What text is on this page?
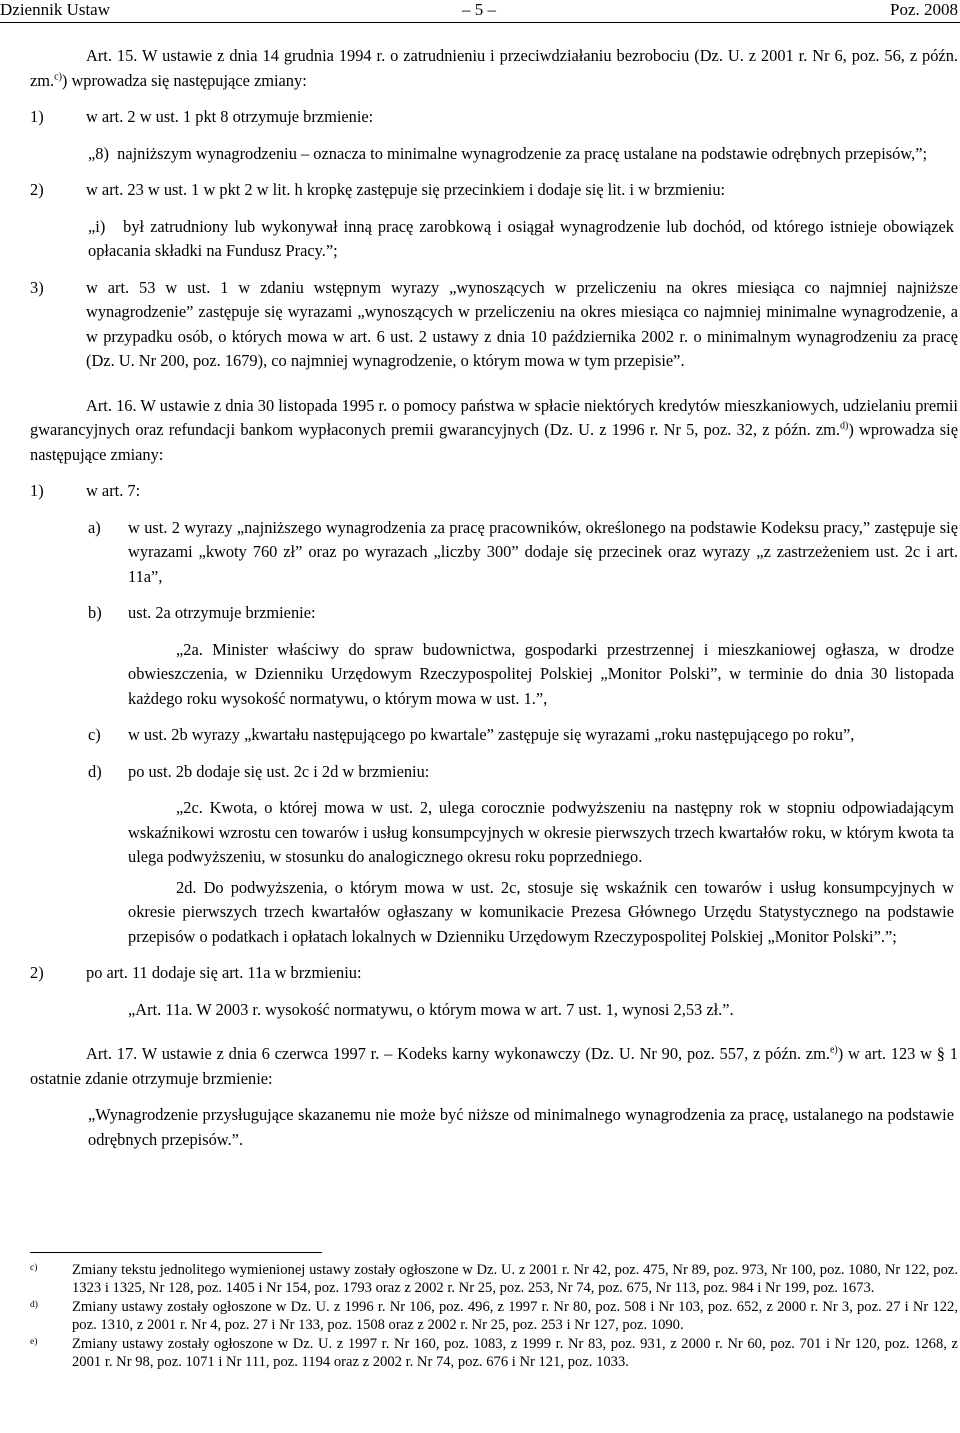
Dziennik Ustaw	– 5 –	Poz. 2008

Art. 15. W ustawie z dnia 14 grudnia 1994 r. o zatrudnieniu i przeciwdziałaniu bezrobociu (Dz. U. z 2001 r. Nr 6, poz. 56, z późn. zm.$^{c)}$) wprowadza się następujące zmiany:

1)	w art. 2 w ust. 1 pkt 8 otrzymuje brzmienie:

„8)  najniższym wynagrodzeniu – oznacza to minimalne wynagrodzenie za pracę ustalane na podstawie odrębnych przepisów,”;

2)	w art. 23 w ust. 1 w pkt 2 w lit. h kropkę zastępuje się przecinkiem i dodaje się lit. i w brzmieniu:

„i)   był zatrudniony lub wykonywał inną pracę zarobkową i osiągał wynagrodzenie lub dochód, od którego istnieje obowiązek opłacania składki na Fundusz Pracy.”;

3)	w art. 53 w ust. 1 w zdaniu wstępnym wyrazy „wynoszących w przeliczeniu na okres miesiąca co najmniej najniższe wynagrodzenie” zastępuje się wyrazami „wynoszących w przeliczeniu na okres miesiąca co najmniej minimalne wynagrodzenie, a w przypadku osób, o których mowa w art. 6 ust. 2 ustawy z dnia 10 października 2002 r. o minimalnym wynagrodzeniu za pracę (Dz. U. Nr 200, poz. 1679), co najmniej wynagrodzenie, o którym mowa w tym przepisie”.

Art. 16. W ustawie z dnia 30 listopada 1995 r. o pomocy państwa w spłacie niektórych kredytów mieszkaniowych, udzielaniu premii gwarancyjnych oraz refundacji bankom wypłaconych premii gwarancyjnych (Dz. U. z 1996 r. Nr 5, poz. 32, z późn. zm.$^{d)}$) wprowadza się następujące zmiany:

1)	w art. 7:
a)	w ust. 2 wyrazy „najniższego wynagrodzenia za pracę pracowników, określonego na podstawie Kodeksu pracy,” zastępuje się wyrazami „kwoty 760 zł” oraz po wyrazach „liczby 300” dodaje się przecinek oraz wyrazy „z zastrzeżeniem ust. 2c i art. 11a”,
b)	ust. 2a otrzymuje brzmienie:

„2a. Minister właściwy do spraw budownictwa, gospodarki przestrzennej i mieszkaniowej ogłasza, w drodze obwieszczenia, w Dzienniku Urzędowym Rzeczypospolitej Polskiej „Monitor Polski”, w terminie do dnia 30 listopada każdego roku wysokość normatywu, o którym mowa w ust. 1.”,

c)	w ust. 2b wyrazy „kwartału następującego po kwartale” zastępuje się wyrazami „roku następującego po roku”,
d)	po ust. 2b dodaje się ust. 2c i 2d w brzmieniu:

„2c. Kwota, o której mowa w ust. 2, ulega corocznie podwyższeniu na następny rok w stopniu odpowiadającym wskaźnikowi wzrostu cen towarów i usług konsumpcyjnych w okresie pierwszych trzech kwartałów roku, w którym kwota ta ulega podwyższeniu, w stosunku do analogicznego okresu roku poprzedniego.

2d. Do podwyższenia, o którym mowa w ust. 2c, stosuje się wskaźnik cen towarów i usług konsumpcyjnych w okresie pierwszych trzech kwartałów ogłaszany w komunikacie Prezesa Głównego Urzędu Statystycznego na podstawie przepisów o podatkach i opłatach lokalnych w Dzienniku Urzędowym Rzeczypospolitej Polskiej „Monitor Polski”.”;

2)	po art. 11 dodaje się art. 11a w brzmieniu:

„Art. 11a. W 2003 r. wysokość normatywu, o którym mowa w art. 7 ust. 1, wynosi 2,53 zł.”.

Art. 17. W ustawie z dnia 6 czerwca 1997 r. – Kodeks karny wykonawczy (Dz. U. Nr 90, poz. 557, z późn. zm.$^{e)}$) w art. 123 w § 1 ostatnie zdanie otrzymuje brzmienie:

„Wynagrodzenie przysługujące skazanemu nie może być niższe od minimalnego wynagrodzenia za pracę, ustalanego na podstawie odrębnych przepisów.”.

c)	Zmiany tekstu jednolitego wymienionej ustawy zostały ogłoszone w Dz. U. z 2001 r. Nr 42, poz. 475, Nr 89, poz. 973, Nr 100, poz. 1080, Nr 122, poz. 1323 i 1325, Nr 128, poz. 1405 i Nr 154, poz. 1793 oraz z 2002 r. Nr 25, poz. 253, Nr 74, poz. 675, Nr 113, poz. 984 i Nr 199, poz. 1673.
d)	Zmiany ustawy zostały ogłoszone w Dz. U. z 1996 r. Nr 106, poz. 496, z 1997 r. Nr 80, poz. 508 i Nr 103, poz. 652, z 2000 r. Nr 3, poz. 27 i Nr 122, poz. 1310, z 2001 r. Nr 4, poz. 27 i Nr 133, poz. 1508 oraz z 2002 r. Nr 25, poz. 253 i Nr 127, poz. 1090.
e)	Zmiany ustawy zostały ogłoszone w Dz. U. z 1997 r. Nr 160, poz. 1083, z 1999 r. Nr 83, poz. 931, z 2000 r. Nr 60, poz. 701 i Nr 120, poz. 1268, z 2001 r. Nr 98, poz. 1071 i Nr 111, poz. 1194 oraz z 2002 r. Nr 74, poz. 676 i Nr 121, poz. 1033.
